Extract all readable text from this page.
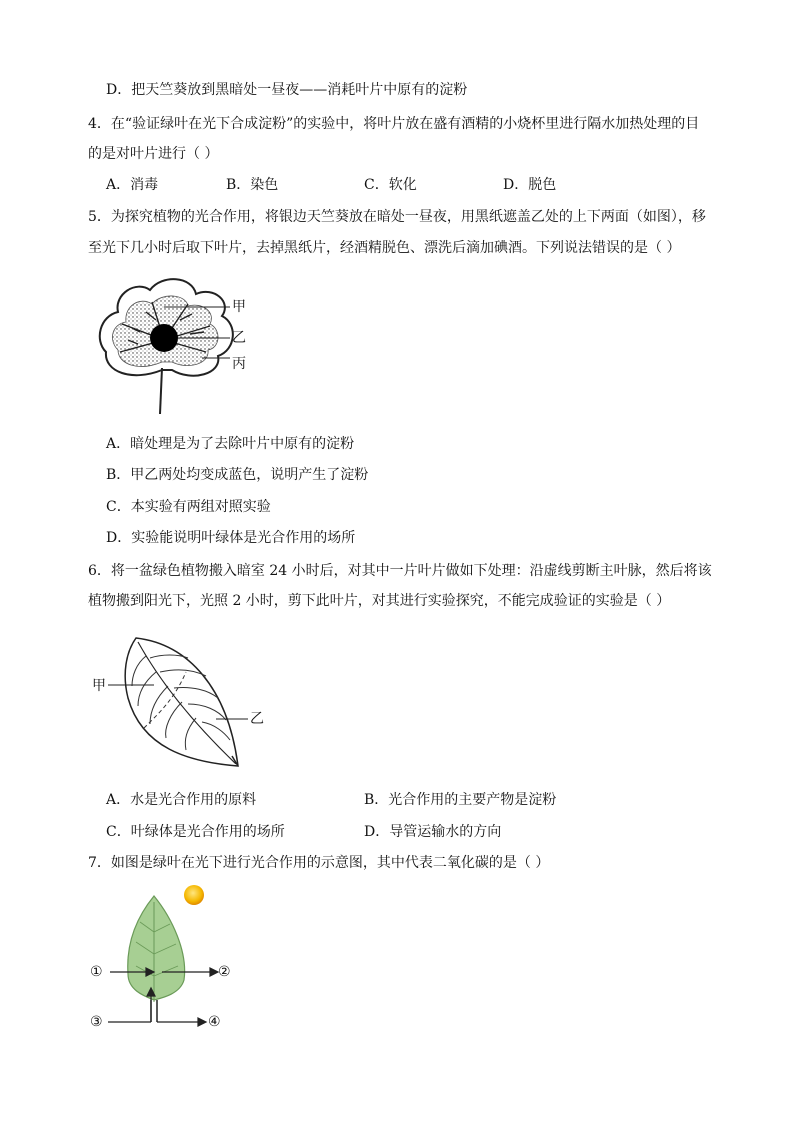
D．把天竺葵放到黑暗处一昼夜——消耗叶片中原有的淀粉
4．在“验证绿叶在光下合成淀粉”的实验中，将叶片放在盛有酒精的小烧杯里进行隔水加热处理的目
的是对叶片进行（ ）
A．消毒	B．染色	C．软化	D．脱色
5．为探究植物的光合作用，将银边天竺葵放在暗处一昼夜，用黑纸遮盖乙处的上下两面（如图），移
至光下几小时后取下叶片，去掉黑纸片，经酒精脱色、漂洗后滴加碘酒。下列说法错误的是（ ）
甲
乙
丙
A．暗处理是为了去除叶片中原有的淀粉
B．甲乙两处均变成蓝色，说明产生了淀粉
C．本实验有两组对照实验
D．实验能说明叶绿体是光合作用的场所
6．将一盆绿色植物搬入暗室 24 小时后，对其中一片叶片做如下处理：沿虚线剪断主叶脉，然后将该
植物搬到阳光下，光照 2 小时，剪下此叶片，对其进行实验探究，不能完成验证的实验是（ ）
甲
乙
A．水是光合作用的原料	B．光合作用的主要产物是淀粉
C．叶绿体是光合作用的场所	D．导管运输水的方向
7．如图是绿叶在光下进行光合作用的示意图，其中代表二氧化碳的是（ ）
①	②
③	④
